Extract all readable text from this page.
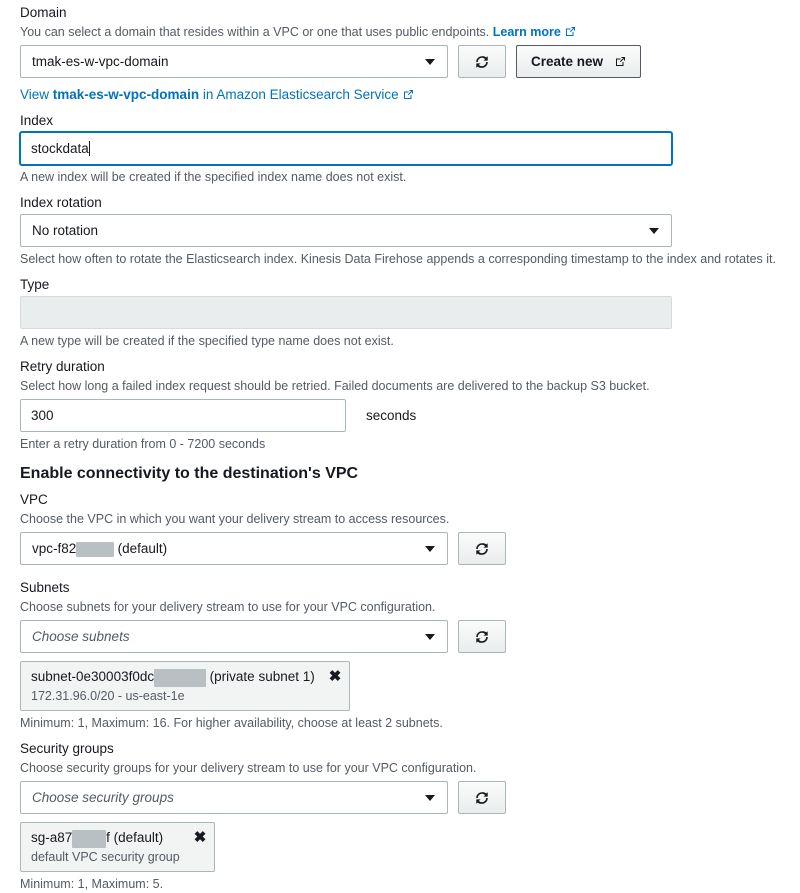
Domain
You can select a domain that resides within a VPC or one that uses public endpoints. Learn more
tmak-es-w-vpc-domain	Create new
View tmak-es-w-vpc-domain in Amazon Elasticsearch Service
Index
stockdata
A new index will be created if the specified index name does not exist.
Index rotation
No rotation
Select how often to rotate the Elasticsearch index. Kinesis Data Firehose appends a corresponding timestamp to the index and rotates it.
Type
A new type will be created if the specified type name does not exist.
Retry duration
Select how long a failed index request should be retried. Failed documents are delivered to the backup S3 bucket.
300	seconds
Enter a retry duration from 0 - 7200 seconds
Enable connectivity to the destination's VPC
VPC
Choose the VPC in which you want your delivery stream to access resources.
vpc-f82	(default)
Subnets
Choose subnets for your delivery stream to use for your VPC configuration.
Choose subnets
subnet-0e30003f0dc	(private subnet 1)
172.31.96.0/20 - us-east-1e
✖
Minimum: 1, Maximum: 16. For higher availability, choose at least 2 subnets.
Security groups
Choose security groups for your delivery stream to use for your VPC configuration.
Choose security groups
sg-a87	f (default)
default VPC security group
✖
Minimum: 1, Maximum: 5.
